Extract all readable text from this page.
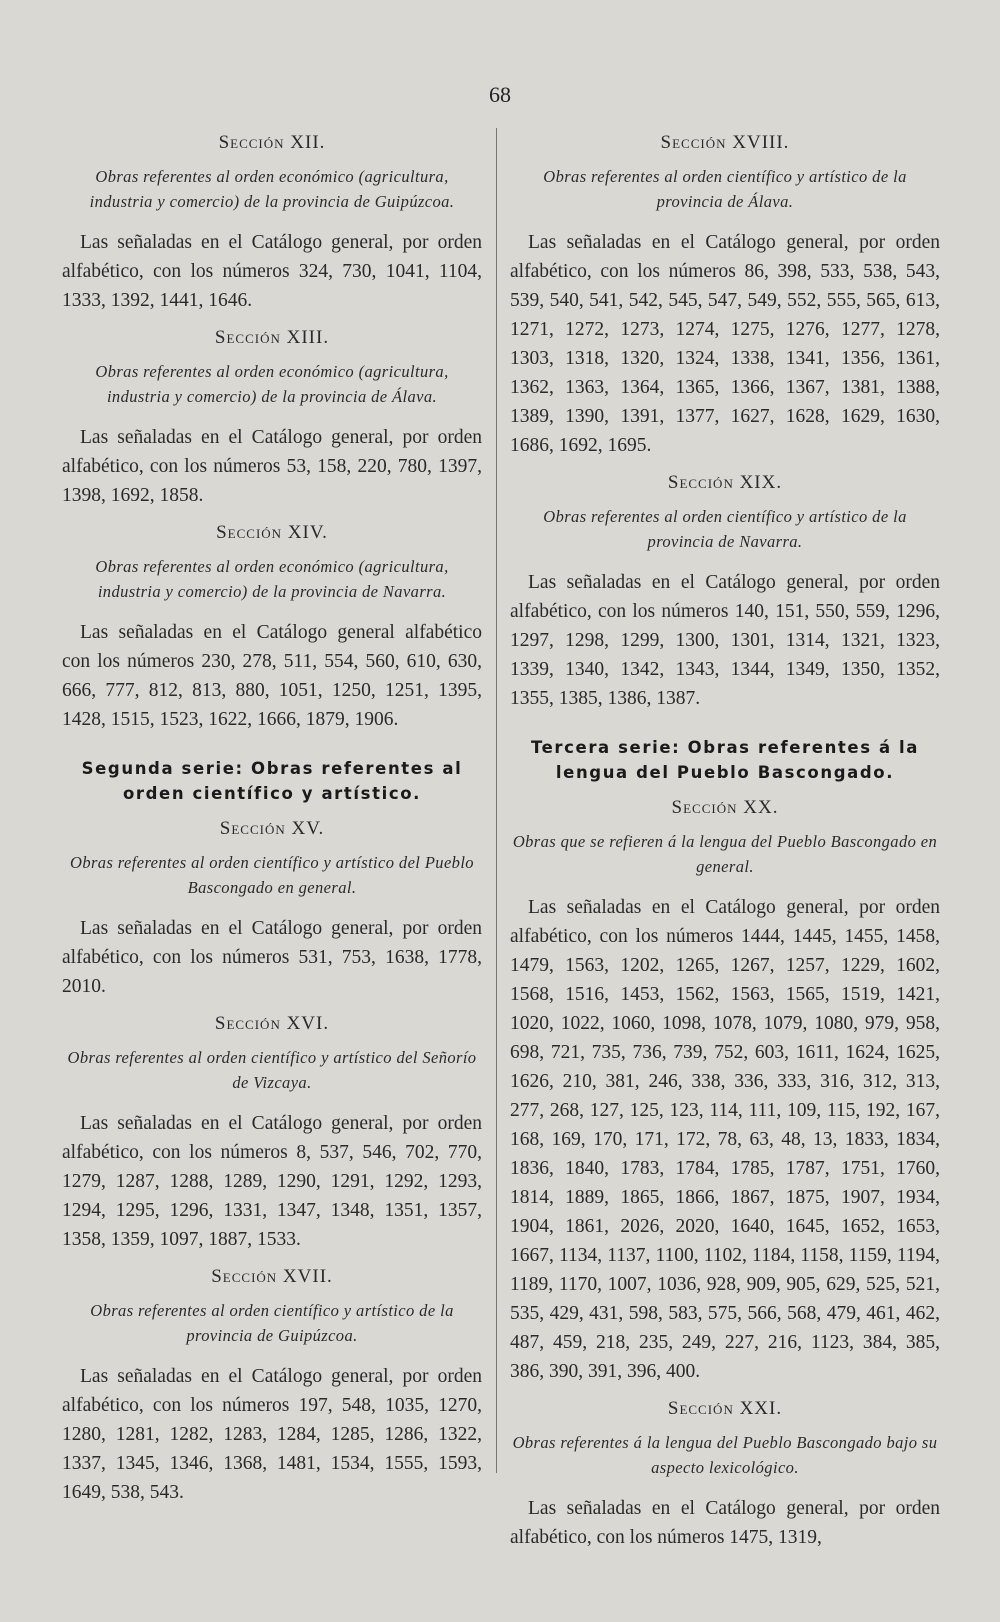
68
Sección XII.
Obras referentes al orden económico (agricultura, industria y comercio) de la provincia de Guipúzcoa.
Las señaladas en el Catálogo general, por orden alfabético, con los números 324, 730, 1041, 1104, 1333, 1392, 1441, 1646.
Sección XIII.
Obras referentes al orden económico (agricultura, industria y comercio) de la provincia de Álava.
Las señaladas en el Catálogo general, por orden alfabético, con los números 53, 158, 220, 780, 1397, 1398, 1692, 1858.
Sección XIV.
Obras referentes al orden económico (agricultura, industria y comercio) de la provincia de Navarra.
Las señaladas en el Catálogo general alfabético con los números 230, 278, 511, 554, 560, 610, 630, 666, 777, 812, 813, 880, 1051, 1250, 1251, 1395, 1428, 1515, 1523, 1622, 1666, 1879, 1906.
Segunda serie: Obras referentes al orden científico y artístico.
Sección XV.
Obras referentes al orden científico y artístico del Pueblo Bascongado en general.
Las señaladas en el Catálogo general, por orden alfabético, con los números 531, 753, 1638, 1778, 2010.
Sección XVI.
Obras referentes al orden científico y artístico del Señorío de Vizcaya.
Las señaladas en el Catálogo general, por orden alfabético, con los números 8, 537, 546, 702, 770, 1279, 1287, 1288, 1289, 1290, 1291, 1292, 1293, 1294, 1295, 1296, 1331, 1347, 1348, 1351, 1357, 1358, 1359, 1097, 1887, 1533.
Sección XVII.
Obras referentes al orden científico y artístico de la provincia de Guipúzcoa.
Las señaladas en el Catálogo general, por orden alfabético, con los números 197, 548, 1035, 1270, 1280, 1281, 1282, 1283, 1284, 1285, 1286, 1322, 1337, 1345, 1346, 1368, 1481, 1534, 1555, 1593, 1649, 538, 543.
Sección XVIII.
Obras referentes al orden científico y artístico de la provincia de Álava.
Las señaladas en el Catálogo general, por orden alfabético, con los números 86, 398, 533, 538, 543, 539, 540, 541, 542, 545, 547, 549, 552, 555, 565, 613, 1271, 1272, 1273, 1274, 1275, 1276, 1277, 1278, 1303, 1318, 1320, 1324, 1338, 1341, 1356, 1361, 1362, 1363, 1364, 1365, 1366, 1367, 1381, 1388, 1389, 1390, 1391, 1377, 1627, 1628, 1629, 1630, 1686, 1692, 1695.
Sección XIX.
Obras referentes al orden científico y artístico de la provincia de Navarra.
Las señaladas en el Catálogo general, por orden alfabético, con los números 140, 151, 550, 559, 1296, 1297, 1298, 1299, 1300, 1301, 1314, 1321, 1323, 1339, 1340, 1342, 1343, 1344, 1349, 1350, 1352, 1355, 1385, 1386, 1387.
Tercera serie: Obras referentes á la lengua del Pueblo Bascongado.
Sección XX.
Obras que se refieren á la lengua del Pueblo Bascongado en general.
Las señaladas en el Catálogo general, por orden alfabético, con los números 1444, 1445, 1455, 1458, 1479, 1563, 1202, 1265, 1267, 1257, 1229, 1602, 1568, 1516, 1453, 1562, 1563, 1565, 1519, 1421, 1020, 1022, 1060, 1098, 1078, 1079, 1080, 979, 958, 698, 721, 735, 736, 739, 752, 603, 1611, 1624, 1625, 1626, 210, 381, 246, 338, 336, 333, 316, 312, 313, 277, 268, 127, 125, 123, 114, 111, 109, 115, 192, 167, 168, 169, 170, 171, 172, 78, 63, 48, 13, 1833, 1834, 1836, 1840, 1783, 1784, 1785, 1787, 1751, 1760, 1814, 1889, 1865, 1866, 1867, 1875, 1907, 1934, 1904, 1861, 2026, 2020, 1640, 1645, 1652, 1653, 1667, 1134, 1137, 1100, 1102, 1184, 1158, 1159, 1194, 1189, 1170, 1007, 1036, 928, 909, 905, 629, 525, 521, 535, 429, 431, 598, 583, 575, 566, 568, 479, 461, 462, 487, 459, 218, 235, 249, 227, 216, 1123, 384, 385, 386, 390, 391, 396, 400.
Sección XXI.
Obras referentes á la lengua del Pueblo Bascongado bajo su aspecto lexicológico.
Las señaladas en el Catálogo general, por orden alfabético, con los números 1475, 1319,
